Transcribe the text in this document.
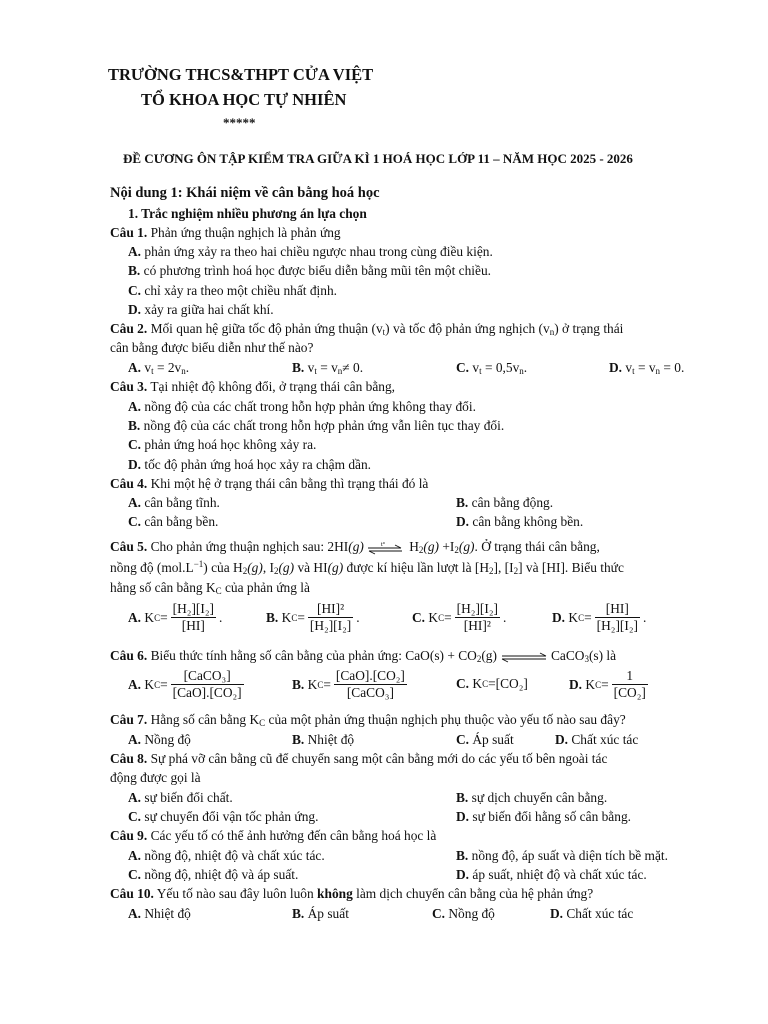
TRƯỜNG THCS&THPT CỬA VIỆT
TỔ KHOA HỌC TỰ NHIÊN
*****
ĐỀ CƯƠNG ÔN TẬP KIỂM TRA GIỮA KÌ 1 HOÁ HỌC LỚP 11 – NĂM HỌC 2025 - 2026
Nội dung 1: Khái niệm về cân bằng hoá học
1. Trắc nghiệm nhiều phương án lựa chọn
Câu 1. Phản ứng thuận nghịch là phản ứng
A. phản ứng xảy ra theo hai chiều ngược nhau trong cùng điều kiện.
B. có phương trình hoá học được biểu diễn bằng mũi tên một chiều.
C. chỉ xảy ra theo một chiều nhất định.
D. xảy ra giữa hai chất khí.
Câu 2. Mối quan hệ giữa tốc độ phản ứng thuận $(v_t)$ và tốc độ phản ứng nghịch $(v_n)$ ở trạng thái
cân bằng được biểu diễn như thế nào?
A. $v_t = 2v_n$.	B. $v_t = v_n\ne 0$.	C. $v_t = 0,5v_n$.	D. $v_t = v_n = 0$.
Câu 3. Tại nhiệt độ không đổi, ở trạng thái cân bằng,
A. nồng độ của các chất trong hỗn hợp phản ứng không thay đổi.
B. nồng độ của các chất trong hỗn hợp phản ứng vẫn liên tục thay đổi.
C. phản ứng hoá học không xảy ra.
D. tốc độ phản ứng hoá học xảy ra chậm dần.
Câu 4. Khi một hệ ở trạng thái cân bằng thì trạng thái đó là
A. cân bằng tĩnh.	B. cân bằng động.
C. cân bằng bền.	D. cân bằng không bền.
Câu 5. Cho phản ứng thuận nghịch sau: 2HI(g)	t° $H_2(g) +I_2(g)$. Ở trạng thái cân bằng,
nồng độ $(mol.L^{-1})$ của $H_2(g)$, $I_2(g)$ và HI(g) được kí hiệu lần lượt là $[H_2]$, $[I_2]$ và [HI]. Biểu thức
hằng số cân bằng $K_C$ của phản ứng là
A.
K $C = \frac{\text{[H₂][I₂]}}{[HI]}$ .	B.
K $C = \frac{\text{[HI]²}}{\text{[H₂][I₂]}}$ .	C.
K $C = \frac{\text{[H₂][I₂]}}{\text{[HI]²}}$ .	D.
K $C = \frac{[HI]}{\text{[H₂][I₂]}}$ .
Câu 6. Biểu thức tính hằng số cân bằng của phản ứng: $CaO(s) + CO_2(g)$ ⇌ CaCO$_3$(s) là
A.
K $C = \frac{\text{[CaCO₃]}}{\text{[CaO].[CO₂]}}$	B.
K $C = \frac{\text{[CaO].[CO₂]}}{\text{[CaCO₃]}}$	C.
K C = [CO₂]	D.
K $C = \frac{1}{\text{[CO₂]}}$
Câu 7. Hằng số cân bằng $K_C$ của một phản ứng thuận nghịch phụ thuộc vào yếu tố nào sau đây?
A. Nồng độ	B. Nhiệt độ	C. Áp suất	D. Chất xúc tác
Câu 8. Sự phá vỡ cân bằng cũ để chuyển sang một cân bằng mới do các yếu tố bên ngoài tác
động được gọi là
A. sự biến đổi chất.	B. sự dịch chuyển cân bằng.
C. sự chuyển đổi vận tốc phản ứng.	D. sự biến đổi hằng số cân bằng.
Câu 9. Các yếu tố có thể ảnh hưởng đến cân bằng hoá học là
A. nồng độ, nhiệt độ và chất xúc tác.	B. nồng độ, áp suất và diện tích bề mặt.
C. nồng độ, nhiệt độ và áp suất.	D. áp suất, nhiệt độ và chất xúc tác.
Câu 10. Yếu tố nào sau đây luôn luôn không làm dịch chuyển cân bằng của hệ phản ứng?
A. Nhiệt độ	B. Áp suất	C. Nồng độ	D. Chất xúc tác
